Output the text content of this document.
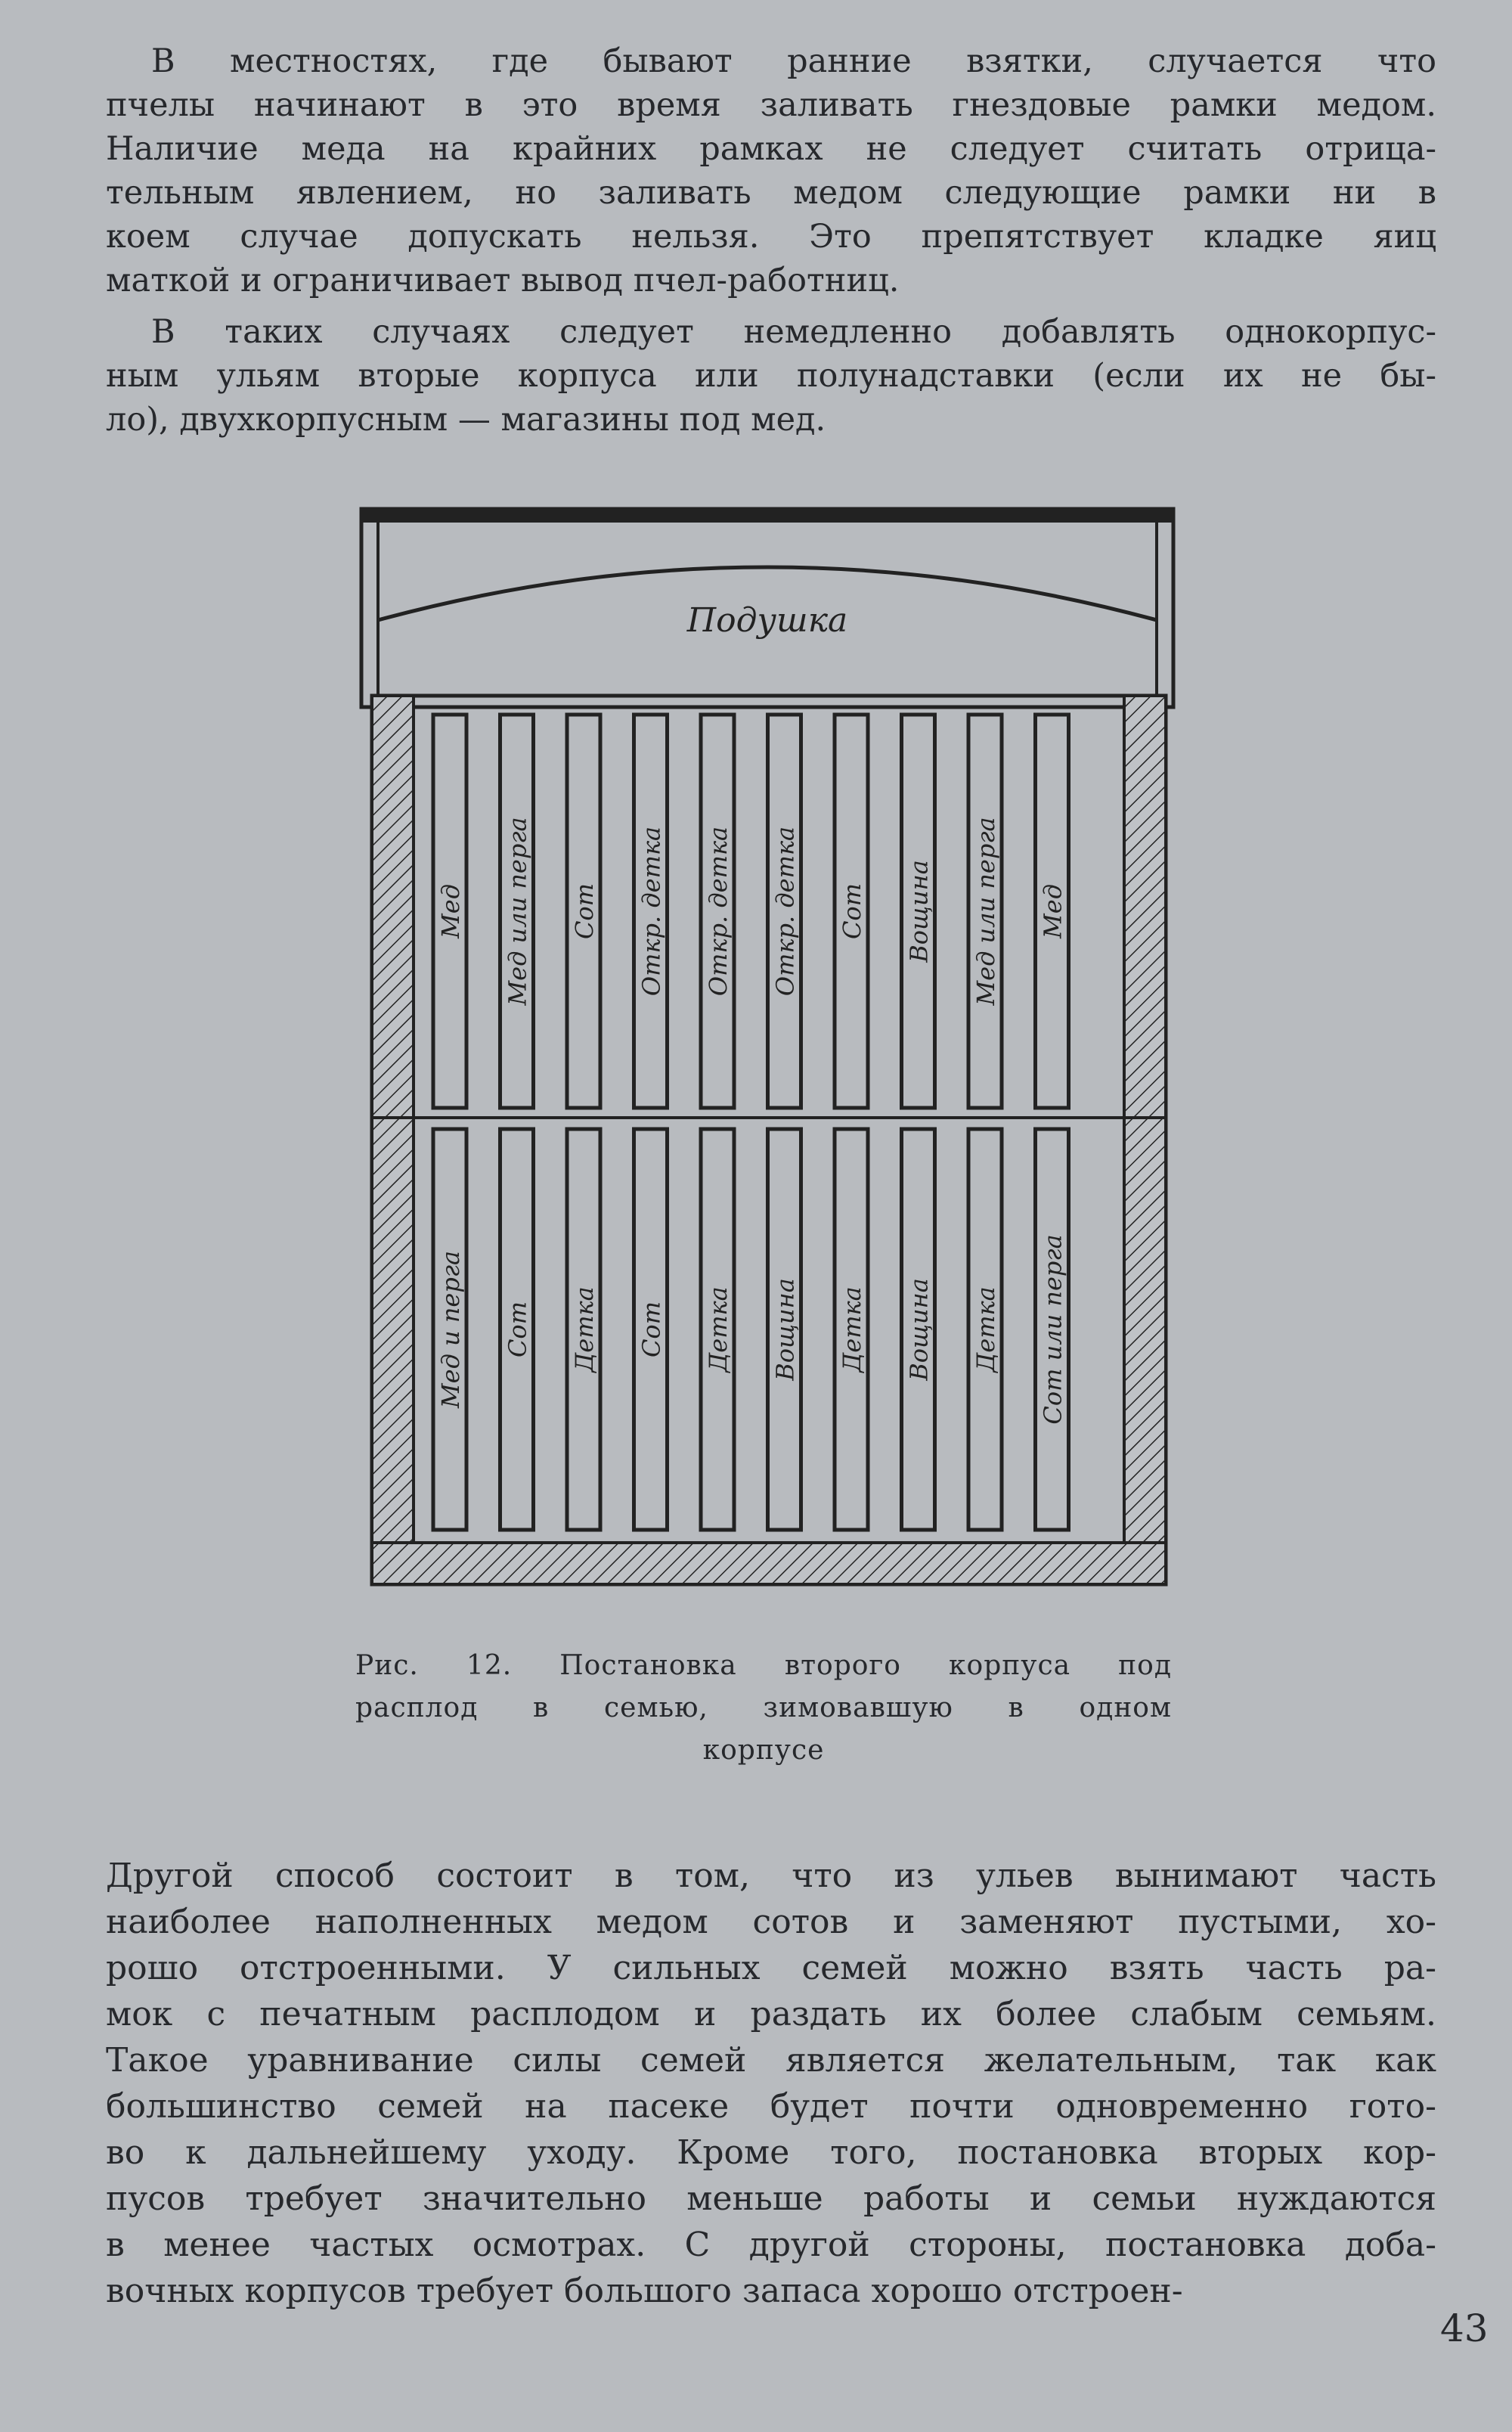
В местностях, где бывают ранние взятки, случается что
пчелы начинают в это время заливать гнездовые рамки медом.
Наличие меда на крайних рамках не следует считать отрица-
тельным явлением, но заливать медом следующие рамки ни в
коем случае допускать нельзя. Это препятствует кладке яиц
маткой и ограничивает вывод пчел-работниц.
В таких случаях следует немедленно добавлять однокорпус-
ным ульям вторые корпуса или полунадставки (если их не бы-
ло), двухкорпусным — магазины под мед.
Подушка
Мед Мед или перга Сот Откр. детка Откр. детка Откр. детка Сот Вощина Мед или перга Мед
Мед и перга Сот Детка Сот Детка Вощина Детка Вощина Детка Сот или перга
Рис. 12. Постановка второго корпуса под
расплод в семью, зимовавшую в одном
корпусе
Другой способ состоит в том, что из ульев вынимают часть
наиболее наполненных медом сотов и заменяют пустыми, хо-
рошо отстроенными. У сильных семей можно взять часть ра-
мок с печатным расплодом и раздать их более слабым семьям.
Такое уравнивание силы семей является желательным, так как
большинство семей на пасеке будет почти одновременно гото-
во к дальнейшему уходу. Кроме того, постановка вторых кор-
пусов требует значительно меньше работы и семьи нуждаются
в менее частых осмотрах. С другой стороны, постановка доба-
вочных корпусов требует большого запаса хорошо отстроен-
43
